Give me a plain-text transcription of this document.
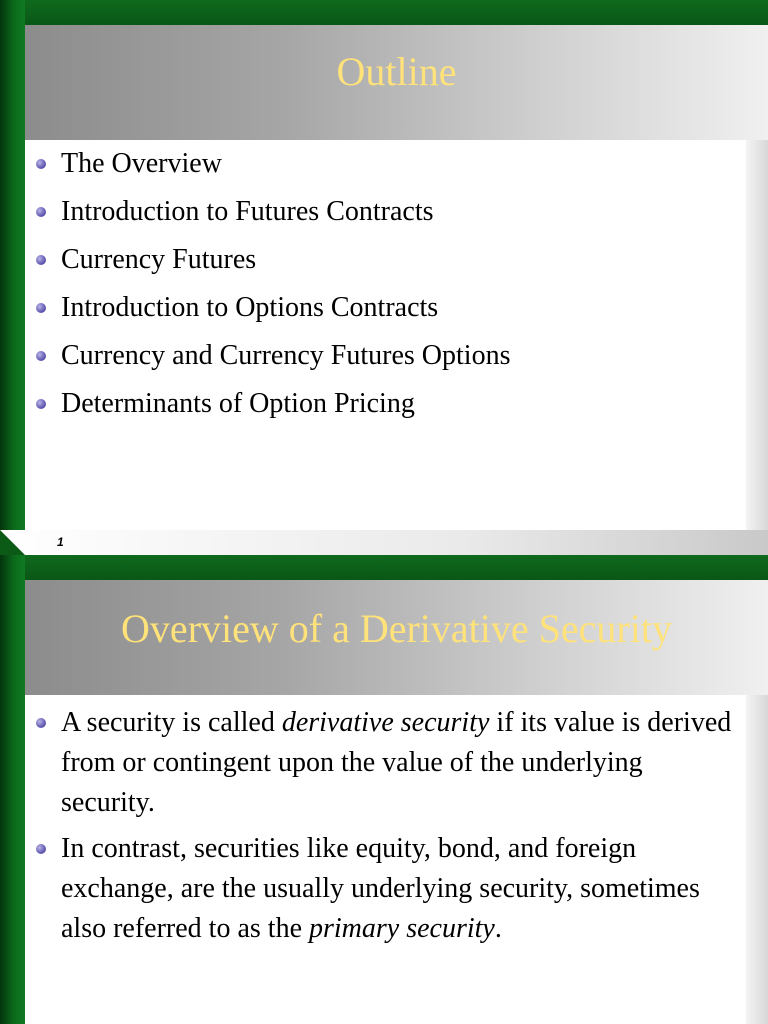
Outline
The Overview
Introduction to Futures Contracts
Currency Futures
Introduction to Options Contracts
Currency and Currency Futures Options
Determinants of Option Pricing
1
Overview of a Derivative Security
A security is called derivative security if its value is derived from or contingent upon the value of the underlying security.
In contrast, securities like equity, bond, and foreign exchange, are the usually underlying security, sometimes also referred to as the primary security.
